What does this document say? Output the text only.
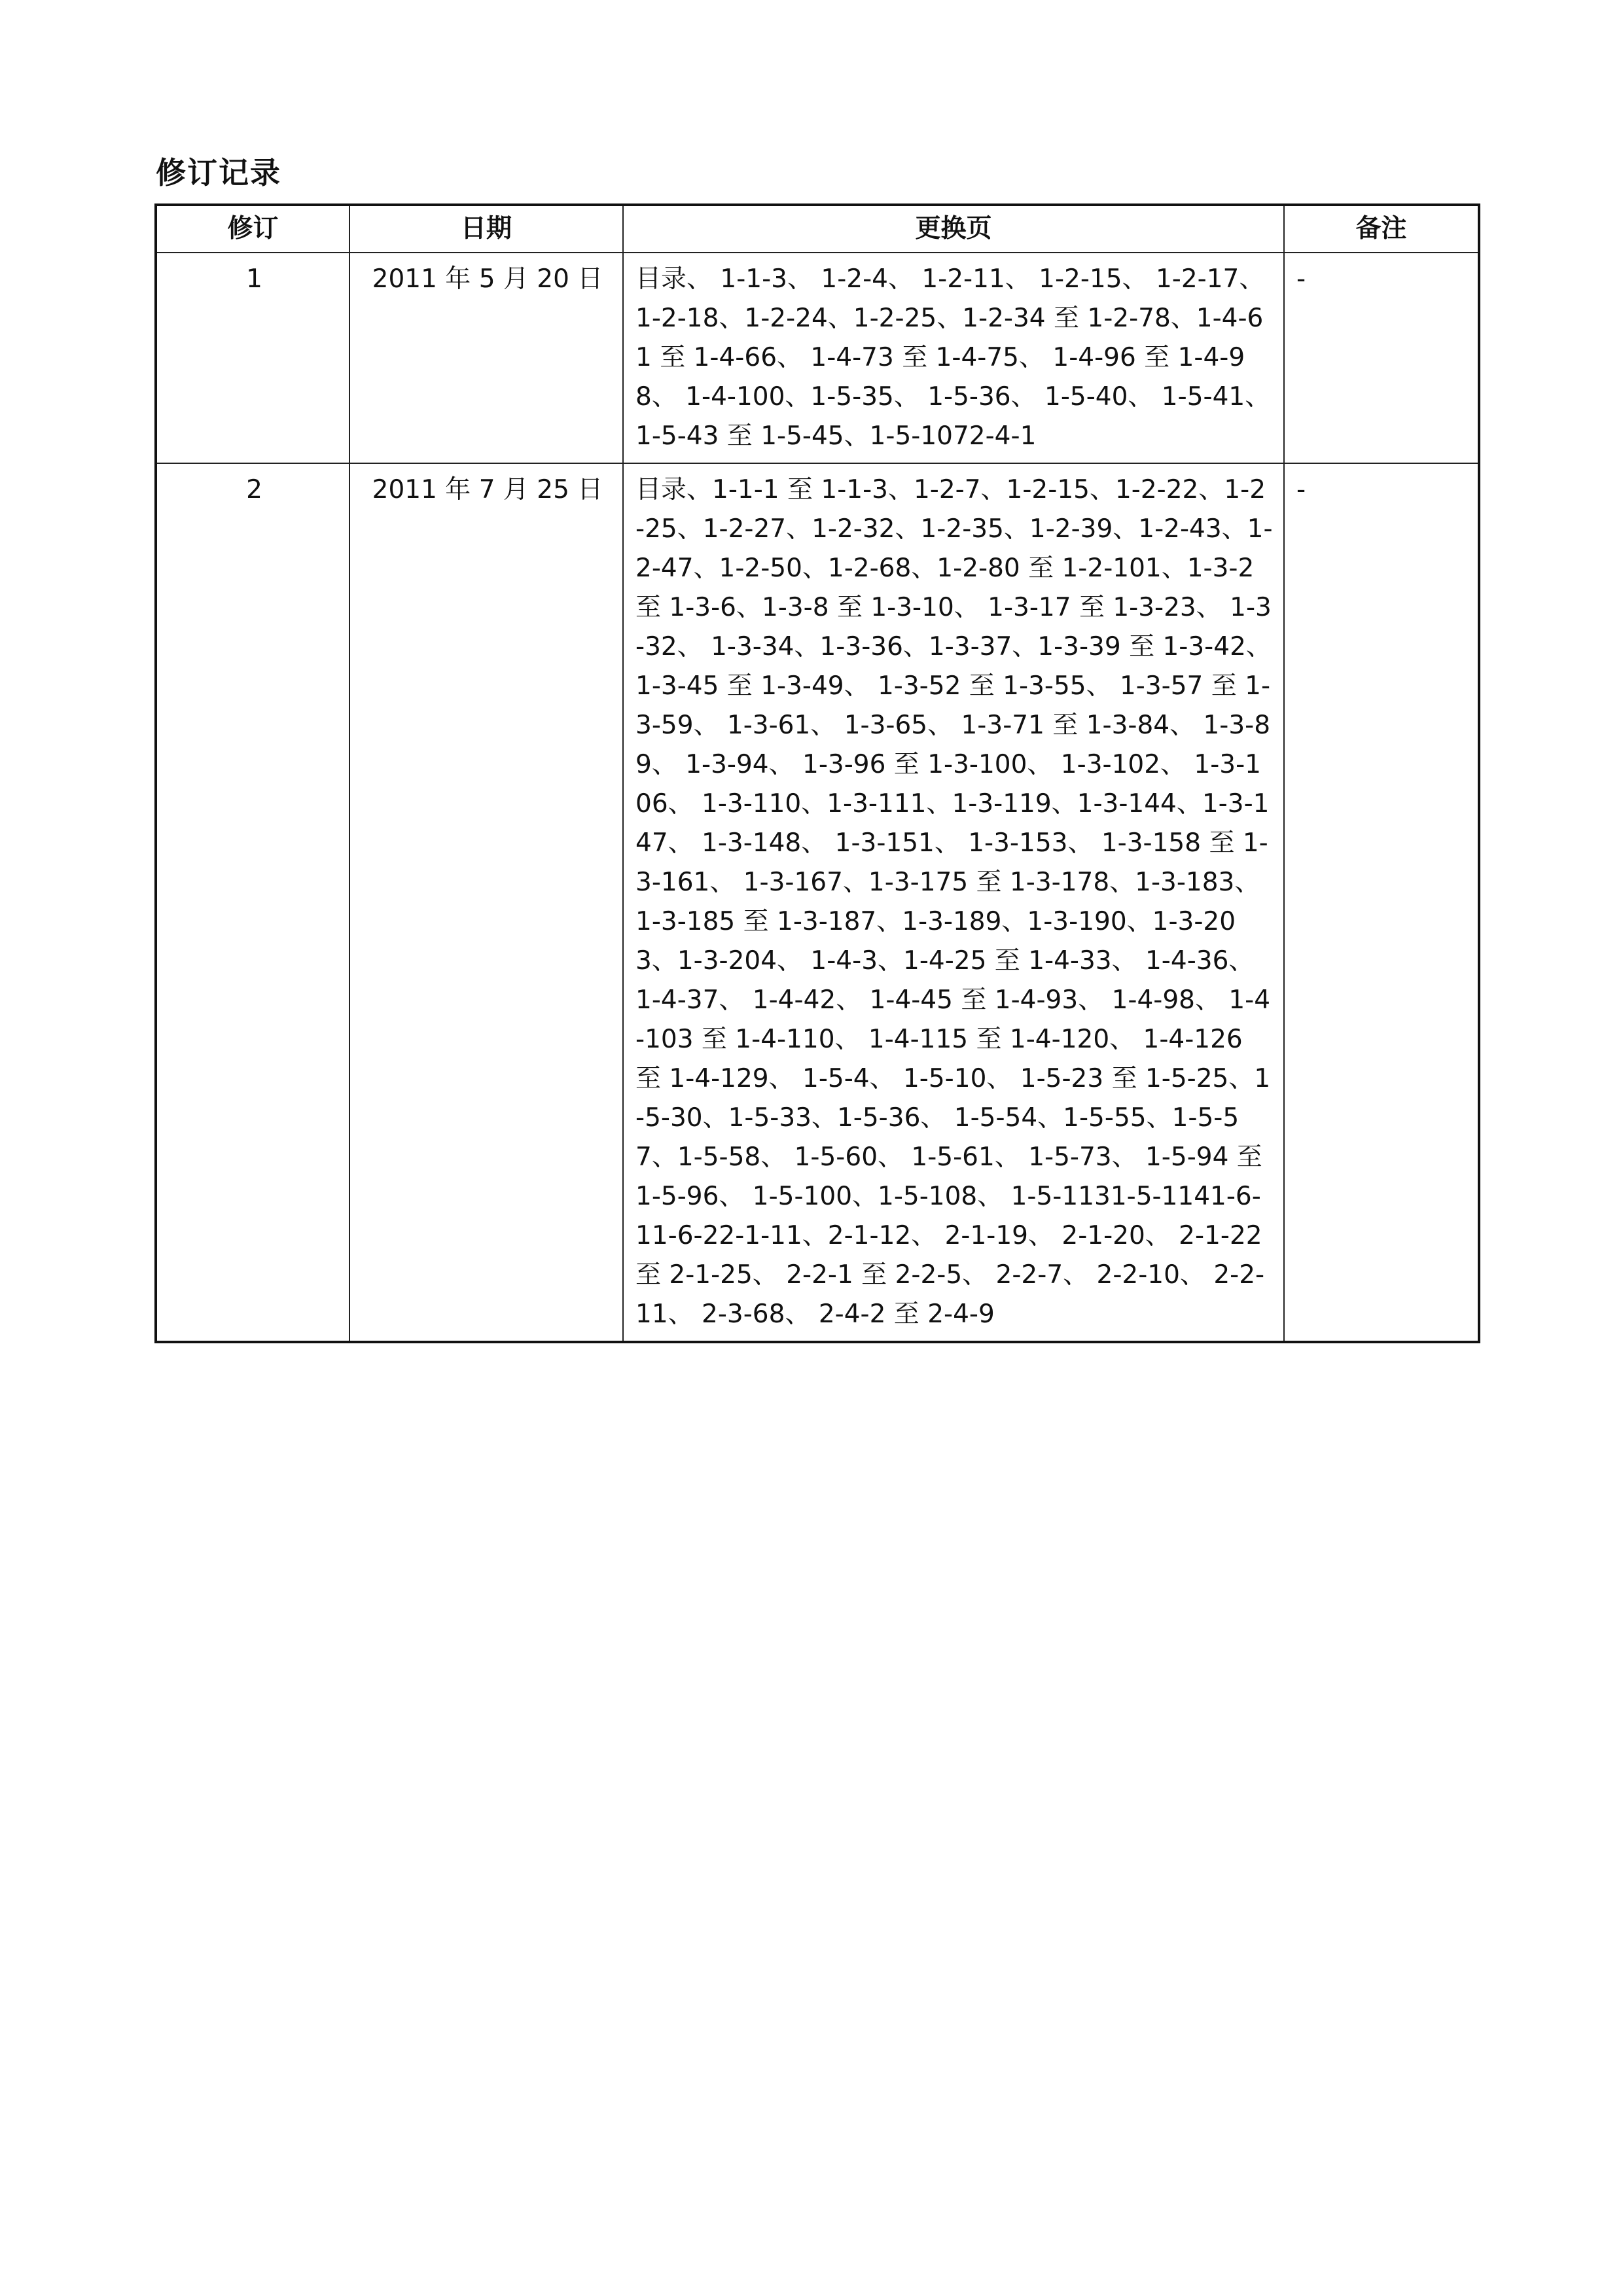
修订记录
修订	日期	更换页	备注
1	2011 年 5 月 20 日	目录、 1-1-3、 1-2-4、 1-2-11、 1-2-15、 1-2-17、 1-2-18、1-2-24、1-2-25、1-2-34 至 1-2-78、1-4-61 至 1-4-66、 1-4-73 至 1-4-75、 1-4-96 至 1-4-98、 1-4-100、1-5-35、 1-5-36、 1-5-40、 1-5-41、 1-5-43 至 1-5-45、1-5-1072-4-1	-
2	2011 年 7 月 25 日	目录、1-1-1 至 1-1-3、1-2-7、1-2-15、1-2-22、1-2-25、1-2-27、1-2-32、1-2-35、1-2-39、1-2-43、1-2-47、1-2-50、1-2-68、1-2-80 至 1-2-101、1-3-2 至 1-3-6、1-3-8 至 1-3-10、 1-3-17 至 1-3-23、 1-3-32、 1-3-34、1-3-36、1-3-37、1-3-39 至 1-3-42、1-3-45 至 1-3-49、 1-3-52 至 1-3-55、 1-3-57 至 1-3-59、 1-3-61、 1-3-65、 1-3-71 至 1-3-84、 1-3-89、 1-3-94、 1-3-96 至 1-3-100、 1-3-102、 1-3-106、 1-3-110、1-3-111、1-3-119、1-3-144、1-3-147、 1-3-148、 1-3-151、 1-3-153、 1-3-158 至 1-3-161、 1-3-167、1-3-175 至 1-3-178、1-3-183、1-3-185 至 1-3-187、1-3-189、1-3-190、1-3-203、1-3-204、 1-4-3、1-4-25 至 1-4-33、 1-4-36、 1-4-37、 1-4-42、 1-4-45 至 1-4-93、 1-4-98、 1-4-103 至 1-4-110、 1-4-115 至 1-4-120、 1-4-126 至 1-4-129、 1-5-4、 1-5-10、 1-5-23 至 1-5-25、1-5-30、1-5-33、1-5-36、 1-5-54、1-5-55、1-5-57、1-5-58、 1-5-60、 1-5-61、 1-5-73、 1-5-94 至 1-5-96、 1-5-100、1-5-108、 1-5-1131-5-1141-6-11-6-22-1-11、2-1-12、 2-1-19、 2-1-20、 2-1-22 至 2-1-25、 2-2-1 至 2-2-5、 2-2-7、 2-2-10、 2-2-11、 2-3-68、 2-4-2 至 2-4-9	-
